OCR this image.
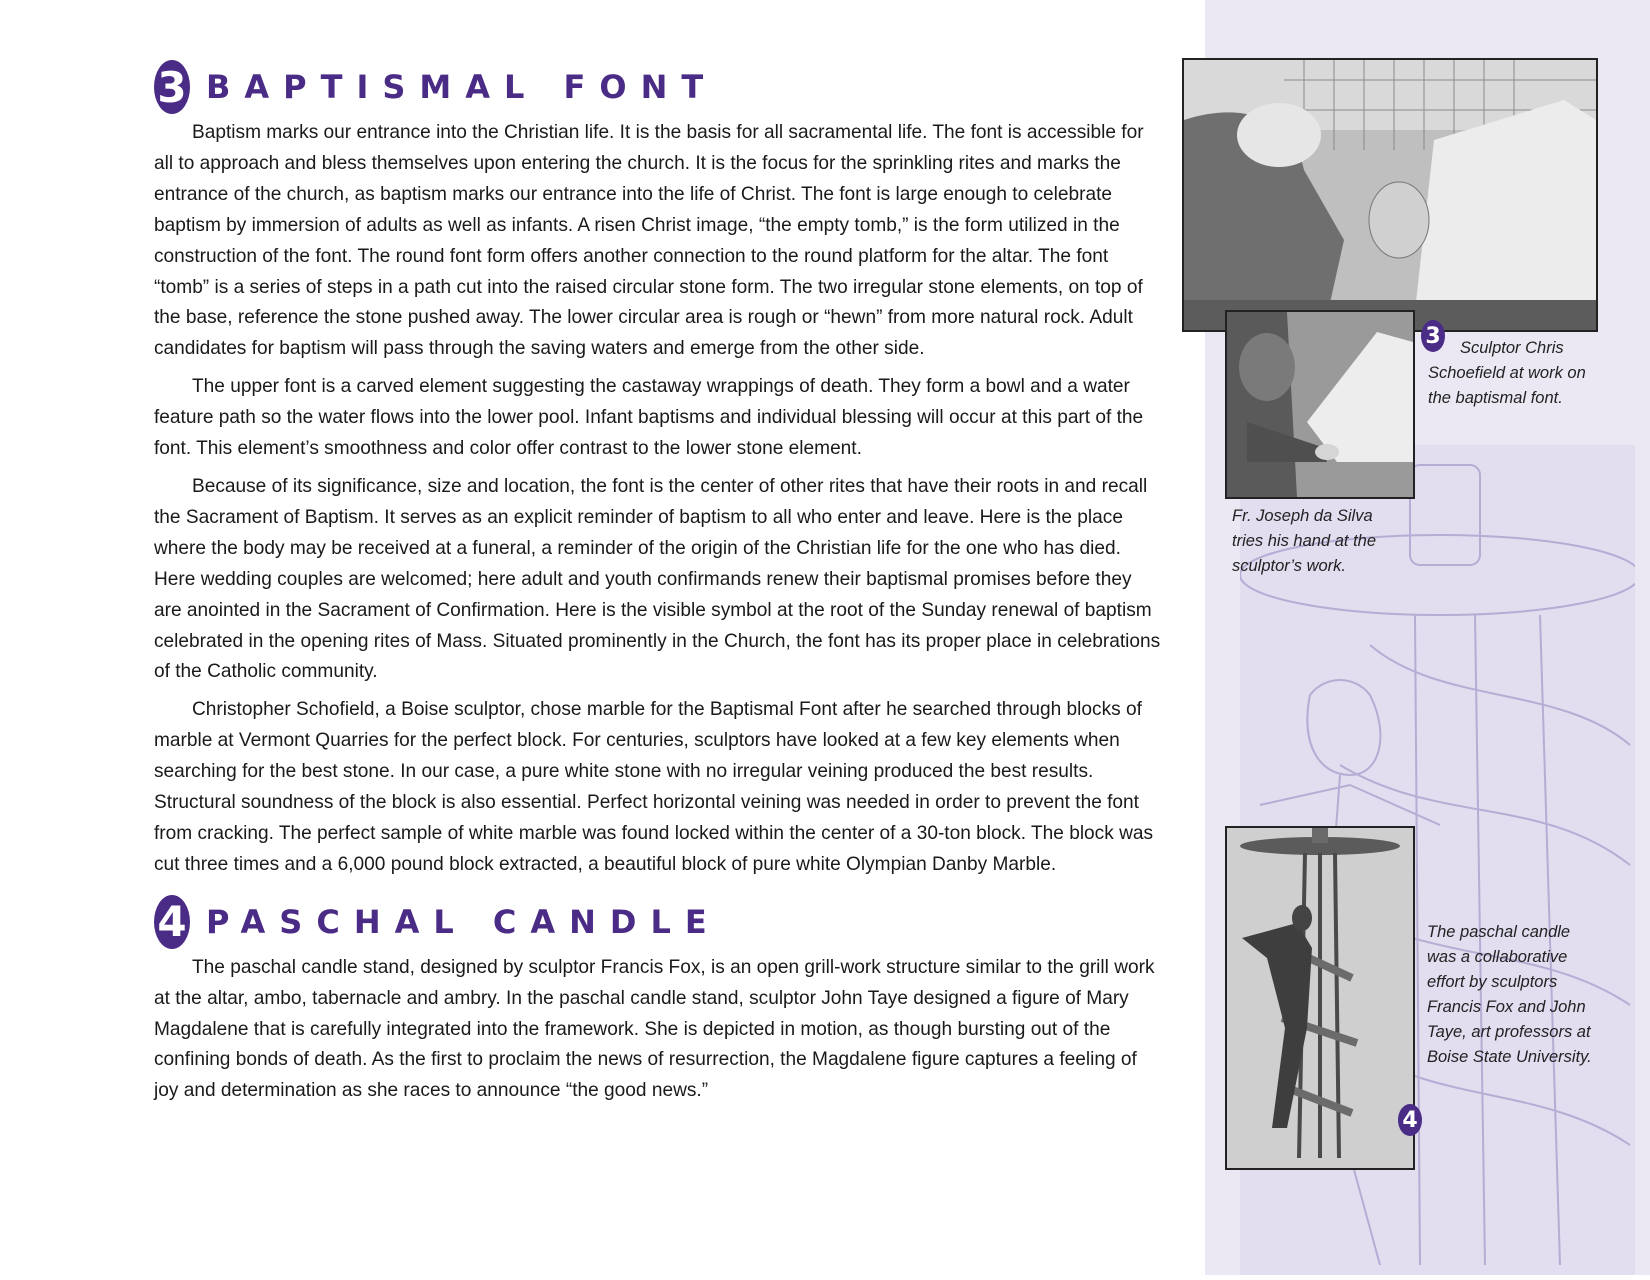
3 BAPTISMAL FONT

Baptism marks our entrance into the Christian life. It is the basis for all sacramental life. The font is accessible for all to approach and bless themselves upon entering the church. It is the focus for the sprinkling rites and marks the entrance of the church, as baptism marks our entrance into the life of Christ. The font is large enough to celebrate baptism by immersion of adults as well as infants. A risen Christ image, “the empty tomb,” is the form utilized in the construction of the font. The round font form offers another connection to the round platform for the altar. The font “tomb” is a series of steps in a path cut into the raised circular stone form. The two irregular stone elements, on top of the base, reference the stone pushed away. The lower circular area is rough or “hewn” from more natural rock. Adult candidates for baptism will pass through the saving waters and emerge from the other side.

The upper font is a carved element suggesting the castaway wrappings of death. They form a bowl and a water feature path so the water flows into the lower pool. Infant baptisms and individual blessing will occur at this part of the font. This element’s smoothness and color offer contrast to the lower stone element.

Because of its significance, size and location, the font is the center of other rites that have their roots in and recall the Sacrament of Baptism. It serves as an explicit reminder of baptism to all who enter and leave. Here is the place where the body may be received at a funeral, a reminder of the origin of the Christian life for the one who has died. Here wedding couples are welcomed; here adult and youth confirmands renew their baptismal promises before they are anointed in the Sacrament of Confirmation. Here is the visible symbol at the root of the Sunday renewal of baptism celebrated in the opening rites of Mass. Situated prominently in the Church, the font has its proper place in celebrations of the Catholic community.

Christopher Schofield, a Boise sculptor, chose marble for the Baptismal Font after he searched through blocks of marble at Vermont Quarries for the perfect block. For centuries, sculptors have looked at a few key elements when searching for the best stone. In our case, a pure white stone with no irregular veining produced the best results. Structural soundness of the block is also essential. Perfect horizontal veining was needed in order to prevent the font from cracking. The perfect sample of white marble was found locked within the center of a 30-ton block. The block was cut three times and a 6,000 pound block extracted, a beautiful block of pure white Olympian Danby Marble.

4 PASCHAL CANDLE

The paschal candle stand, designed by sculptor Francis Fox, is an open grill-work structure similar to the grill work at the altar, ambo, tabernacle and ambry. In the paschal candle stand, sculptor John Taye designed a figure of Mary Magdalene that is carefully integrated into the framework. She is depicted in motion, as though bursting out of the confining bonds of death. As the first to proclaim the news of resurrection, the Magdalene figure captures a feeling of joy and determination as she races to announce “the good news.”

3	Sculptor Chris Schoefield at work on the baptismal font.
Fr. Joseph da Silva tries his hand at the sculptor’s work.
4
The paschal candle was a collaborative effort by sculptors Francis Fox and John Taye, art professors at Boise State University.
